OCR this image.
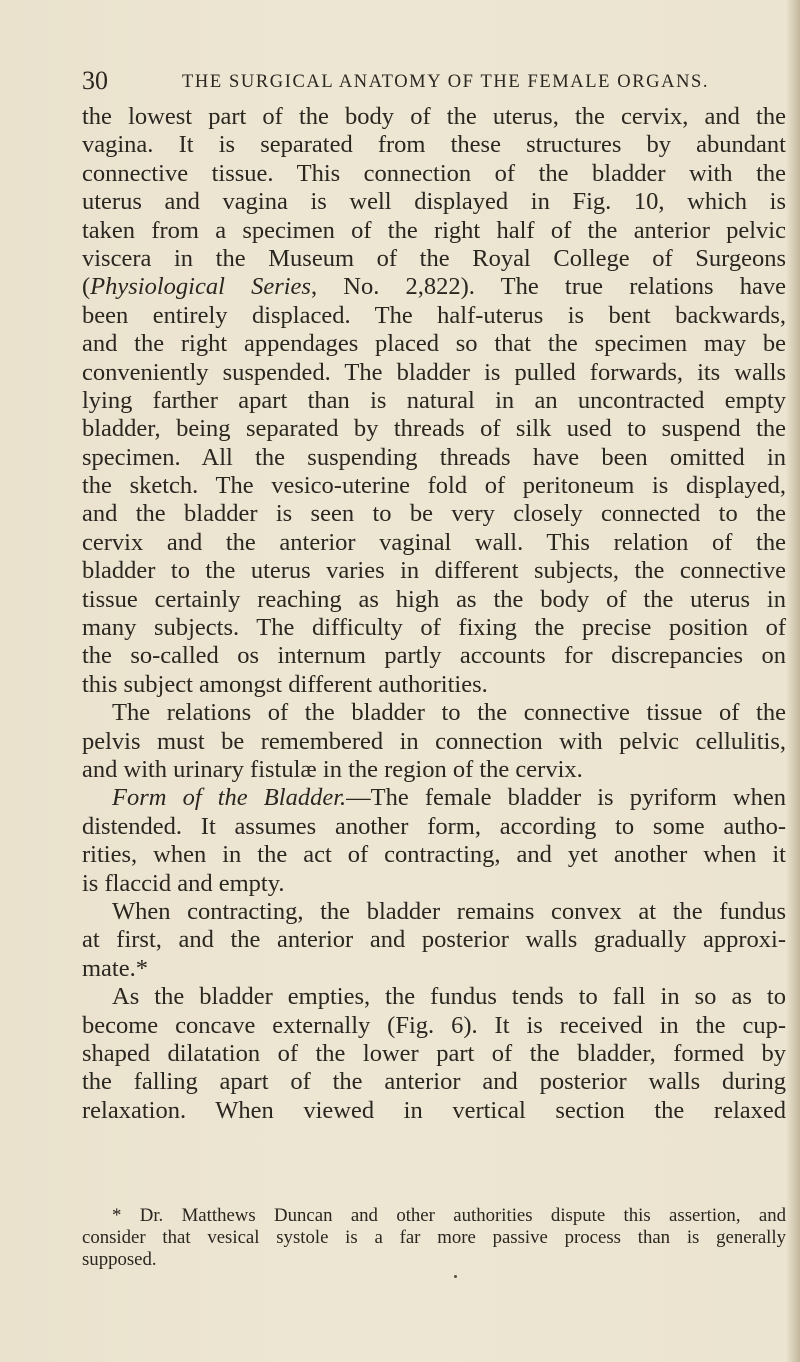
30	THE SURGICAL ANATOMY OF THE FEMALE ORGANS.
the lowest part of the body of the uterus, the cervix, and the
vagina. It is separated from these structures by abundant
connective tissue. This connection of the bladder with the
uterus and vagina is well displayed in Fig. 10, which is
taken from a specimen of the right half of the anterior pelvic
viscera in the Museum of the Royal College of Surgeons
(Physiological Series, No. 2,822). The true relations have
been entirely displaced. The half-uterus is bent backwards,
and the right appendages placed so that the specimen may be
conveniently suspended. The bladder is pulled forwards, its walls
lying farther apart than is natural in an uncontracted empty
bladder, being separated by threads of silk used to suspend the
specimen. All the suspending threads have been omitted in
the sketch. The vesico-uterine fold of peritoneum is displayed,
and the bladder is seen to be very closely connected to the
cervix and the anterior vaginal wall. This relation of the
bladder to the uterus varies in different subjects, the connective
tissue certainly reaching as high as the body of the uterus in
many subjects. The difficulty of fixing the precise position of
the so-called os internum partly accounts for discrepancies on
this subject amongst different authorities.
The relations of the bladder to the connective tissue of the
pelvis must be remembered in connection with pelvic cellulitis,
and with urinary fistulæ in the region of the cervix.
Form of the Bladder.—The female bladder is pyriform when
distended. It assumes another form, according to some autho-
rities, when in the act of contracting, and yet another when it
is flaccid and empty.
When contracting, the bladder remains convex at the fundus
at first, and the anterior and posterior walls gradually approxi-
mate.*
As the bladder empties, the fundus tends to fall in so as to
become concave externally (Fig. 6). It is received in the cup-
shaped dilatation of the lower part of the bladder, formed by
the falling apart of the anterior and posterior walls during
relaxation. When viewed in vertical section the relaxed
* Dr. Matthews Duncan and other authorities dispute this assertion, and
consider that vesical systole is a far more passive process than is generally
supposed.
